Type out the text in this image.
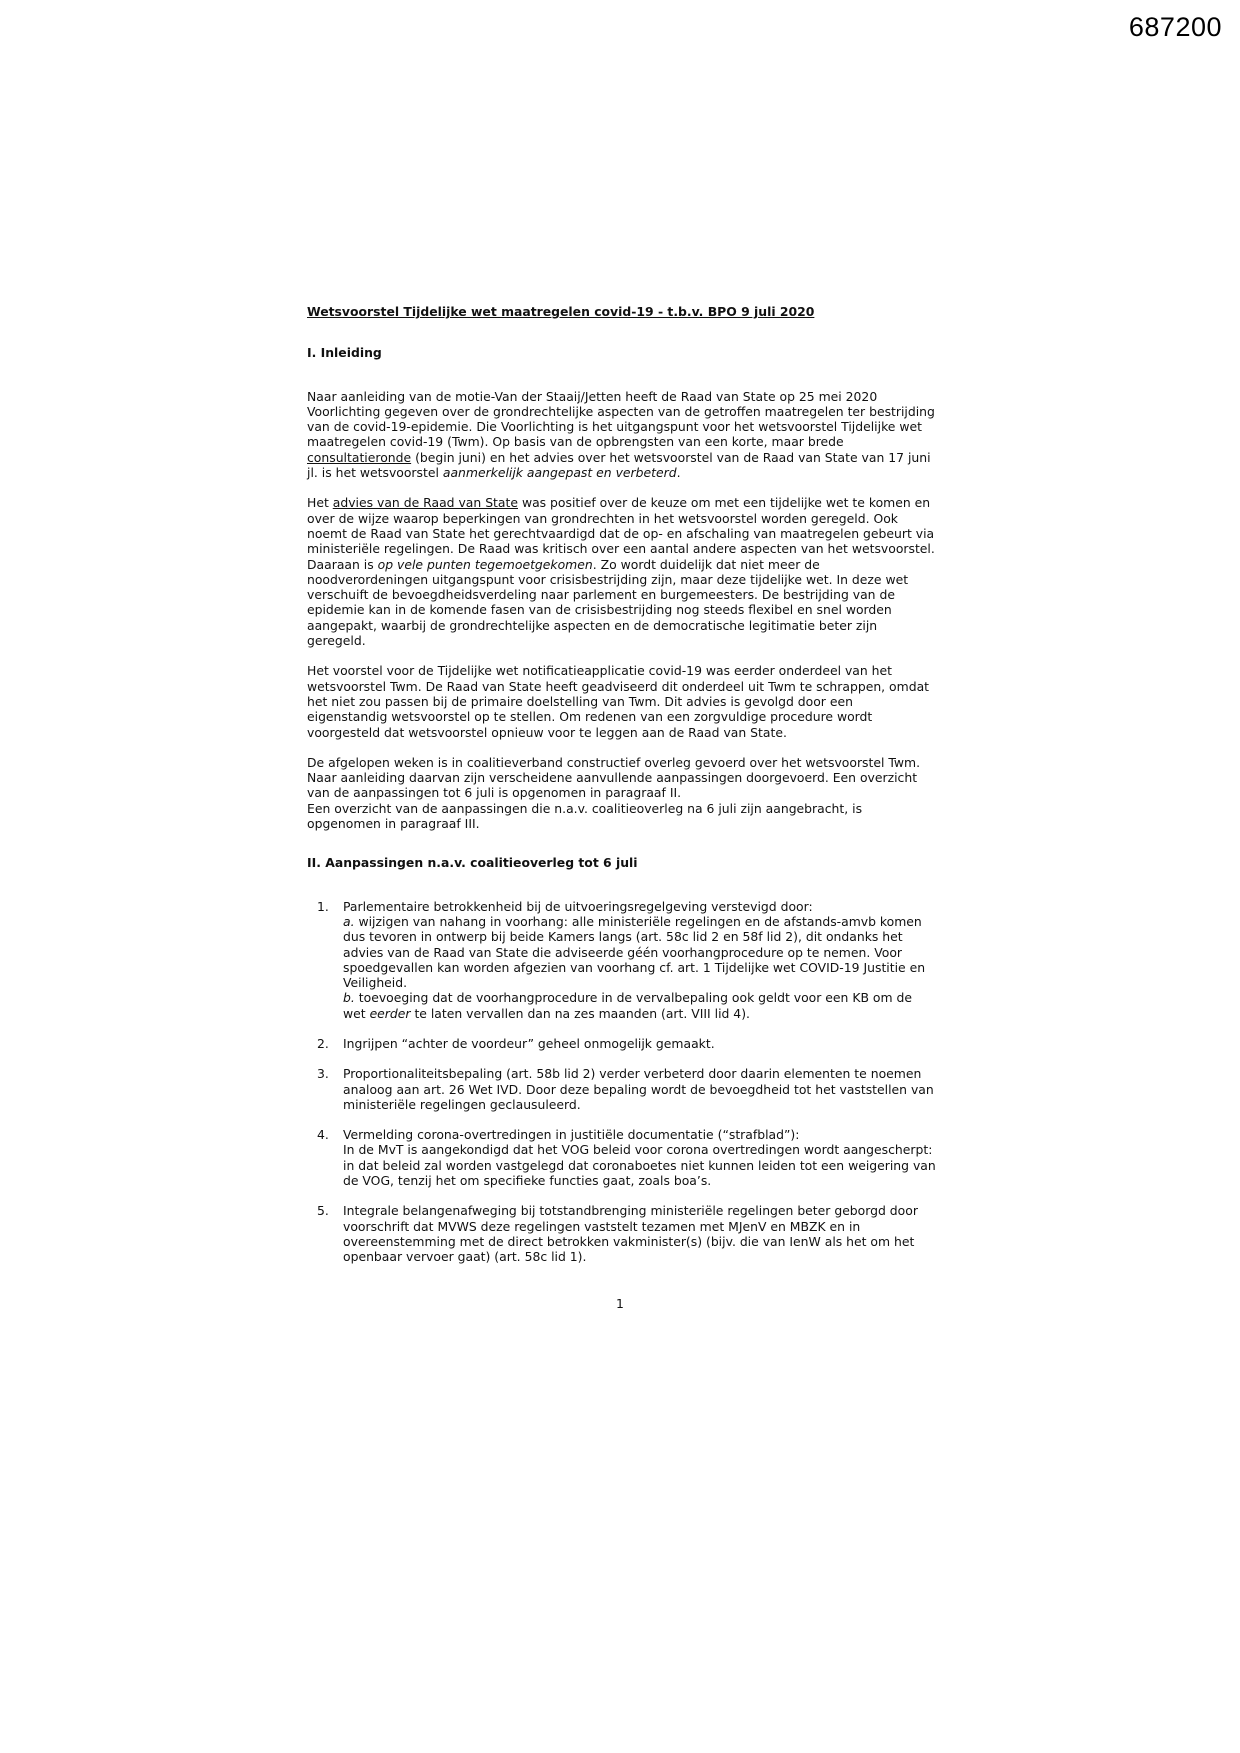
687200
Wetsvoorstel Tijdelijke wet maatregelen covid-19 - t.b.v. BPO 9 juli 2020
I. Inleiding

Naar aanleiding van de motie-Van der Staaij/Jetten heeft de Raad van State op 25 mei 2020 Voorlichting gegeven over de grondrechtelijke aspecten van de getroffen maatregelen ter bestrijding van de covid-19-epidemie. Die Voorlichting is het uitgangspunt voor het wetsvoorstel Tijdelijke wet maatregelen covid-19 (Twm). Op basis van de opbrengsten van een korte, maar brede consultatieronde (begin juni) en het advies over het wetsvoorstel van de Raad van State van 17 juni jl. is het wetsvoorstel aanmerkelijk aangepast en verbeterd.

Het advies van de Raad van State was positief over de keuze om met een tijdelijke wet te komen en over de wijze waarop beperkingen van grondrechten in het wetsvoorstel worden geregeld. Ook noemt de Raad van State het gerechtvaardigd dat de op- en afschaling van maatregelen gebeurt via ministeriële regelingen. De Raad was kritisch over een aantal andere aspecten van het wetsvoorstel. Daaraan is op vele punten tegemoetgekomen. Zo wordt duidelijk dat niet meer de noodverordeningen uitgangspunt voor crisisbestrijding zijn, maar deze tijdelijke wet. In deze wet verschuift de bevoegdheidsverdeling naar parlement en burgemeesters. De bestrijding van de epidemie kan in de komende fasen van de crisisbestrijding nog steeds flexibel en snel worden aangepakt, waarbij de grondrechtelijke aspecten en de democratische legitimatie beter zijn geregeld.

Het voorstel voor de Tijdelijke wet notificatieapplicatie covid-19 was eerder onderdeel van het wetsvoorstel Twm. De Raad van State heeft geadviseerd dit onderdeel uit Twm te schrappen, omdat het niet zou passen bij de primaire doelstelling van Twm. Dit advies is gevolgd door een eigenstandig wetsvoorstel op te stellen. Om redenen van een zorgvuldige procedure wordt voorgesteld dat wetsvoorstel opnieuw voor te leggen aan de Raad van State.

De afgelopen weken is in coalitieverband constructief overleg gevoerd over het wetsvoorstel Twm. Naar aanleiding daarvan zijn verscheidene aanvullende aanpassingen doorgevoerd. Een overzicht van de aanpassingen tot 6 juli is opgenomen in paragraaf II.
Een overzicht van de aanpassingen die n.a.v. coalitieoverleg na 6 juli zijn aangebracht, is opgenomen in paragraaf III.

II. Aanpassingen n.a.v. coalitieoverleg tot 6 juli
1. Parlementaire betrokkenheid bij de uitvoeringsregelgeving verstevigd door:
a. wijzigen van nahang in voorhang: alle ministeriële regelingen en de afstands-amvb komen dus tevoren in ontwerp bij beide Kamers langs (art. 58c lid 2 en 58f lid 2), dit ondanks het advies van de Raad van State die adviseerde géén voorhangprocedure op te nemen. Voor spoedgevallen kan worden afgezien van voorhang cf. art. 1 Tijdelijke wet COVID-19 Justitie en Veiligheid.
b. toevoeging dat de voorhangprocedure in de vervalbepaling ook geldt voor een KB om de wet eerder te laten vervallen dan na zes maanden (art. VIII lid 4).
2. Ingrijpen “achter de voordeur” geheel onmogelijk gemaakt.
3. Proportionaliteitsbepaling (art. 58b lid 2) verder verbeterd door daarin elementen te noemen analoog aan art. 26 Wet IVD. Door deze bepaling wordt de bevoegdheid tot het vaststellen van ministeriële regelingen geclausuleerd.
4. Vermelding corona-overtredingen in justitiële documentatie (“strafblad”):
In de MvT is aangekondigd dat het VOG beleid voor corona overtredingen wordt aangescherpt: in dat beleid zal worden vastgelegd dat coronaboetes niet kunnen leiden tot een weigering van de VOG, tenzij het om specifieke functies gaat, zoals boa’s.
5. Integrale belangenafweging bij totstandbrenging ministeriële regelingen beter geborgd door voorschrift dat MVWS deze regelingen vaststelt tezamen met MJenV en MBZK en in overeenstemming met de direct betrokken vakminister(s) (bijv. die van IenW als het om het openbaar vervoer gaat) (art. 58c lid 1).
1
